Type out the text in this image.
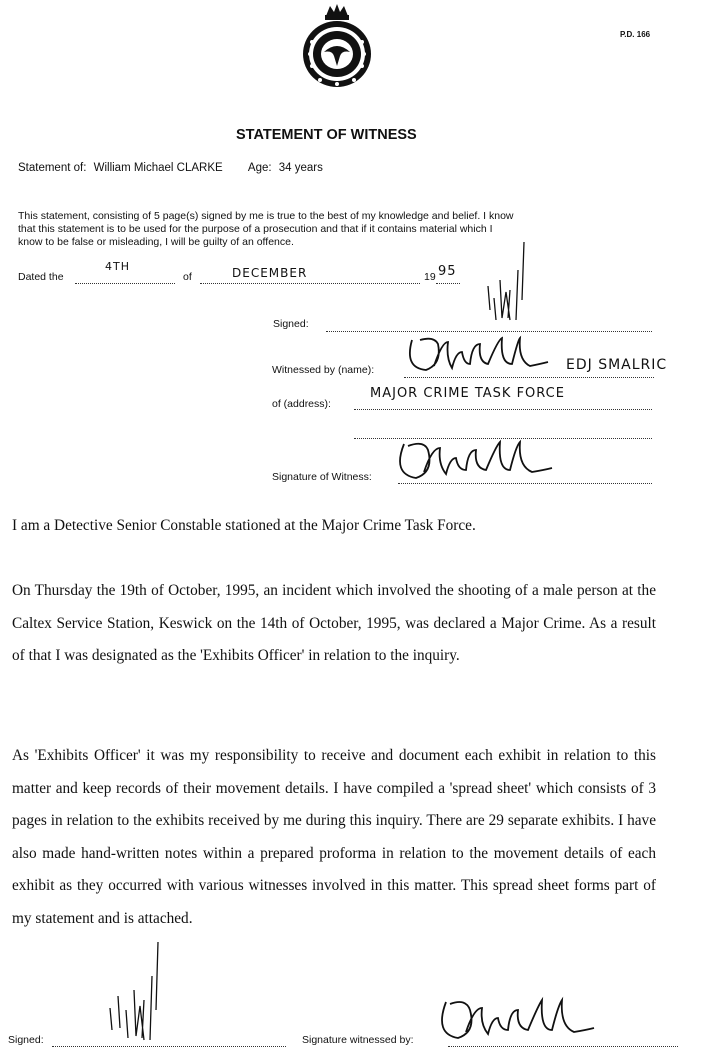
P.D. 166
STATEMENT OF WITNESS
Statement of: William Michael CLARKE Age: 34 years
This statement, consisting of 5 page(s) signed by me is true to the best of my knowledge and belief. I know
that this statement is to be used for the purpose of a prosecution and that if it contains material which I
know to be false or misleading, I will be guilty of an offence.
Dated the
4TH
of	DECEMBER	19 95
Signed:
Witnessed by (name):	EDJ SMALRIC
of (address):
MAJOR CRIME TASK FORCE
Signature of Witness:

I am a Detective Senior Constable stationed at the Major Crime Task Force.

On Thursday the 19th of October, 1995, an incident which involved the shooting of a male person at the Caltex Service Station, Keswick on the 14th of October, 1995, was declared a Major Crime. As a result of that I was designated as the 'Exhibits Officer' in relation to the inquiry.

As 'Exhibits Officer' it was my responsibility to receive and document each exhibit in relation to this matter and keep records of their movement details. I have compiled a 'spread sheet' which consists of 3 pages in relation to the exhibits received by me during this inquiry. There are 29 separate exhibits. I have also made hand-written notes within a prepared proforma in relation to the movement details of each exhibit as they occurred with various witnesses involved in this matter. This spread sheet forms part of my statement and is attached.

Signed:	Signature witnessed by:
